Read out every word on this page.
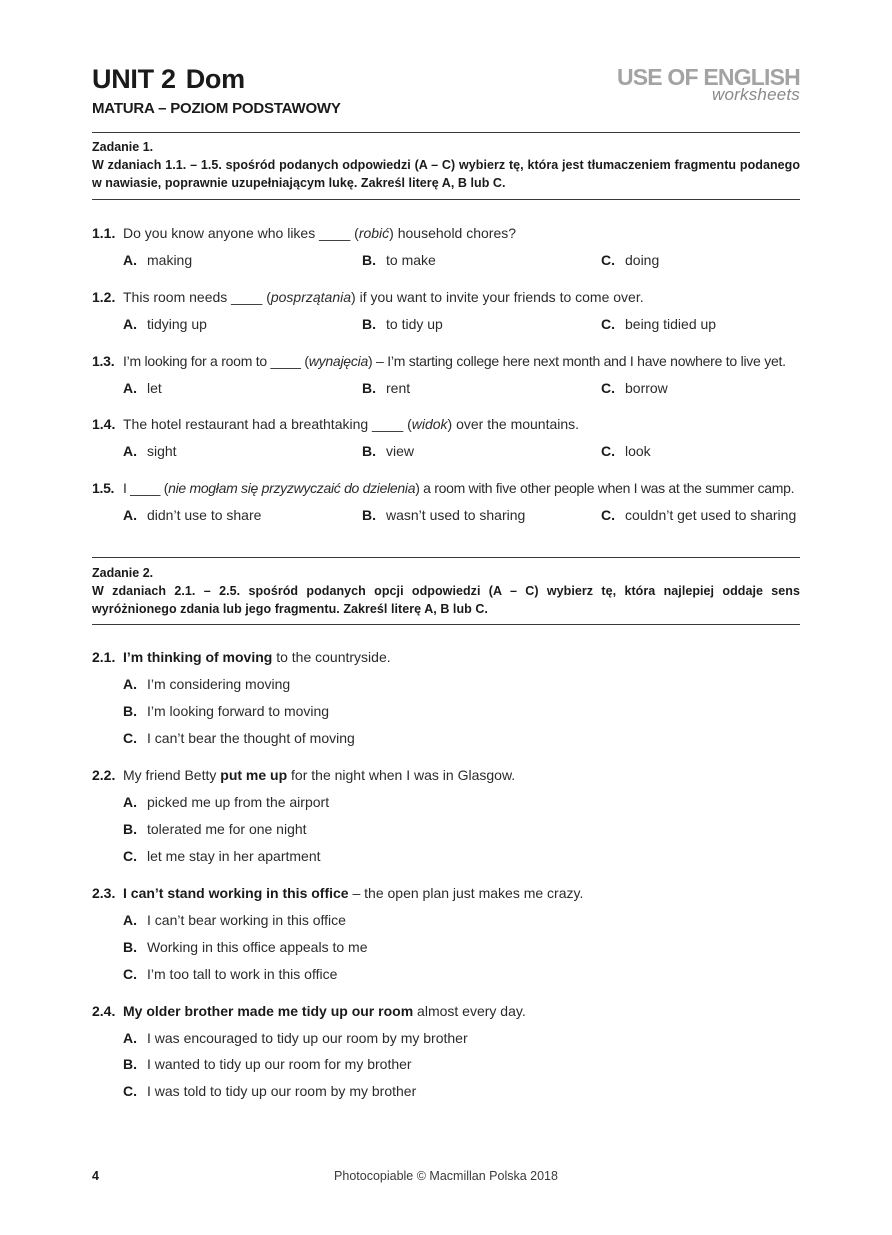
UNIT 2 Dom
MATURA – POZIOM PODSTAWOWY
USE OF ENGLISH
worksheets
Zadanie 1.
W zdaniach 1.1. – 1.5. spośród podanych odpowiedzi (A – C) wybierz tę, która jest tłumaczeniem fragmentu podanego w nawiasie, poprawnie uzupełniającym lukę. Zakreśl literę A, B lub C.
1.1. Do you know anyone who likes ____ (robić) household chores?
A. making	B. to make	C. doing
1.2. This room needs ____ (posprzątania) if you want to invite your friends to come over.
A. tidying up	B. to tidy up	C. being tidied up
1.3. I’m looking for a room to ____ (wynajęcia) – I’m starting college here next month and I have nowhere to live yet.
A. let	B. rent	C. borrow
1.4. The hotel restaurant had a breathtaking ____ (widok) over the mountains.
A. sight	B. view	C. look
1.5. I ____ (nie mogłam się przyzwyczaić do dzielenia) a room with five other people when I was at the summer camp.
A. didn’t use to share	B. wasn’t used to sharing	C. couldn’t get used to sharing
Zadanie 2.
W zdaniach 2.1. – 2.5. spośród podanych opcji odpowiedzi (A – C) wybierz tę, która najlepiej oddaje sens wyróżnionego zdania lub jego fragmentu. Zakreśl literę A, B lub C.
2.1. I’m thinking of moving to the countryside.
A. I’m considering moving
B. I’m looking forward to moving
C. I can’t bear the thought of moving
2.2. My friend Betty put me up for the night when I was in Glasgow.
A. picked me up from the airport
B. tolerated me for one night
C. let me stay in her apartment
2.3. I can’t stand working in this office – the open plan just makes me crazy.
A. I can’t bear working in this office
B. Working in this office appeals to me
C. I’m too tall to work in this office
2.4. My older brother made me tidy up our room almost every day.
A. I was encouraged to tidy up our room by my brother
B. I wanted to tidy up our room for my brother
C. I was told to tidy up our room by my brother
Photocopiable © Macmillan Polska 2018
4
